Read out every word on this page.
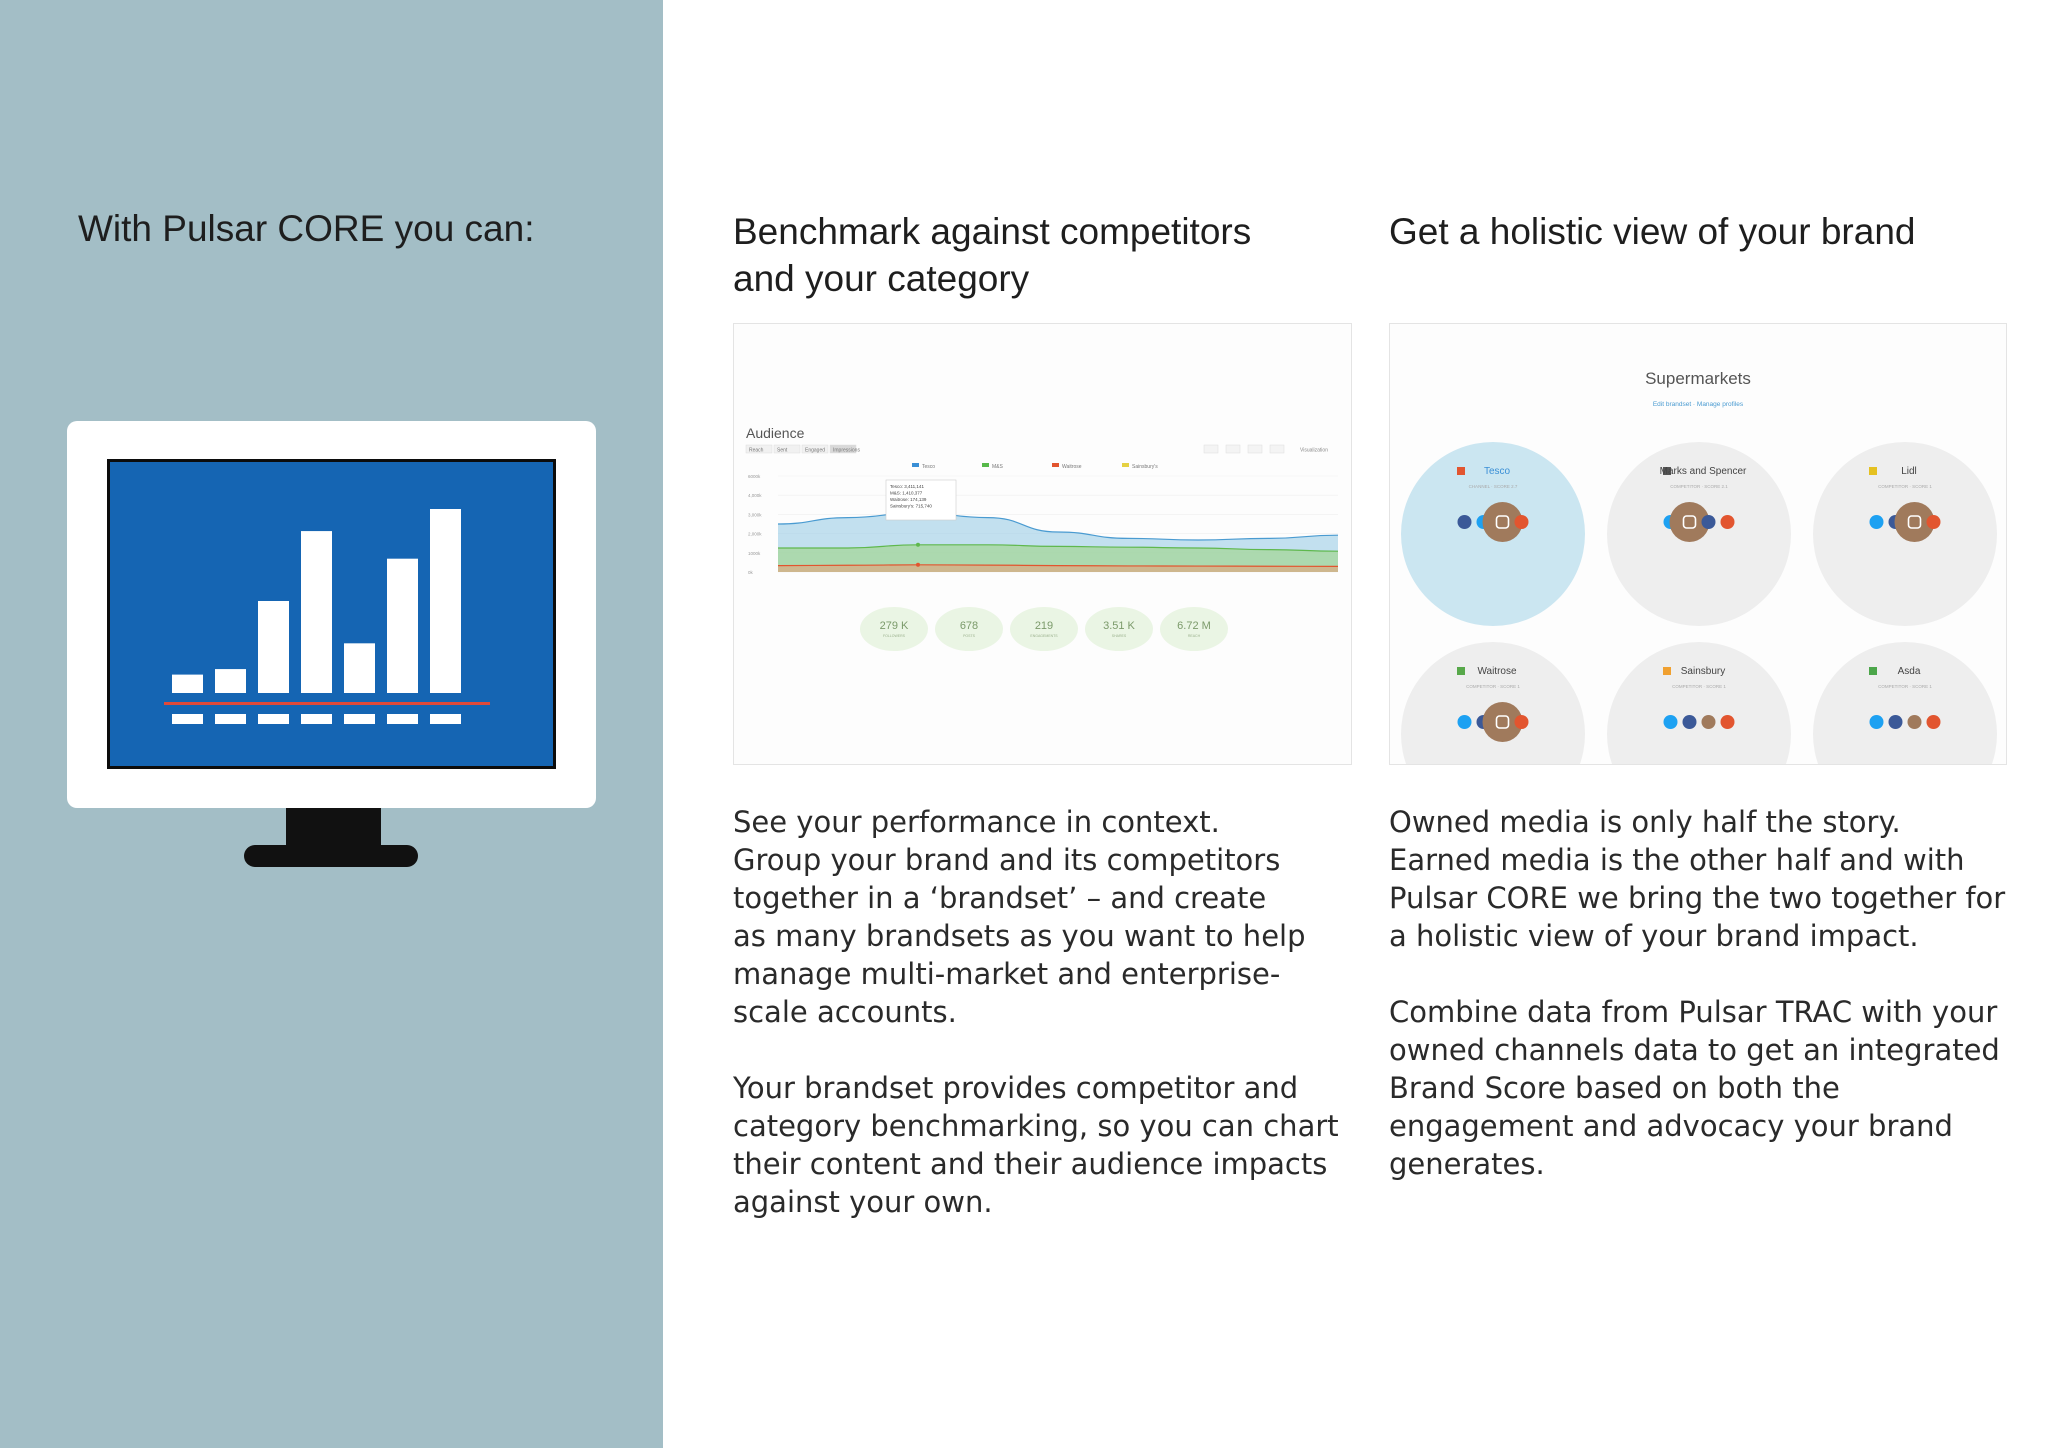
With Pulsar CORE you can:	Benchmark against competitors
and your category
Audience
Reach	Sent	Engaged Impressions
Tesco	M&S	Waitrose	Sainsbury's
Visualization
6000k
4,000k
3,000k
2,000k
1000k
0k
Tesco: 3,411,141
M&S: 1,410,377
Waitrose: 174,139
Sainsbury's: 715,740
279 K
FOLLOWERS
678
POSTS
219
ENGAGEMENTS
3.51 K
SHARES
6.72 M
REACH

See your performance in context.
Group your brand and its competitors
together in a ‘brandset’ – and create
as many brandsets as you want to help
manage multi-market and enterprise-
scale accounts.

Your brandset provides competitor and
category benchmarking, so you can chart
their content and their audience impacts
against your own.

Get a holistic view of your brand
Supermarkets
Edit brandset · Manage profiles
Tesco
CHANNEL · SCORE 2.7
Marks and Spencer
COMPETITOR · SCORE 2.1
Lidl
COMPETITOR · SCORE 1
Waitrose
COMPETITOR · SCORE 1
Sainsbury
COMPETITOR · SCORE 1
Asda
COMPETITOR · SCORE 1

Owned media is only half the story.
Earned media is the other half and with
Pulsar CORE we bring the two together for
a holistic view of your brand impact.

Combine data from Pulsar TRAC with your
owned channels data to get an integrated
Brand Score based on both the
engagement and advocacy your brand
generates.
